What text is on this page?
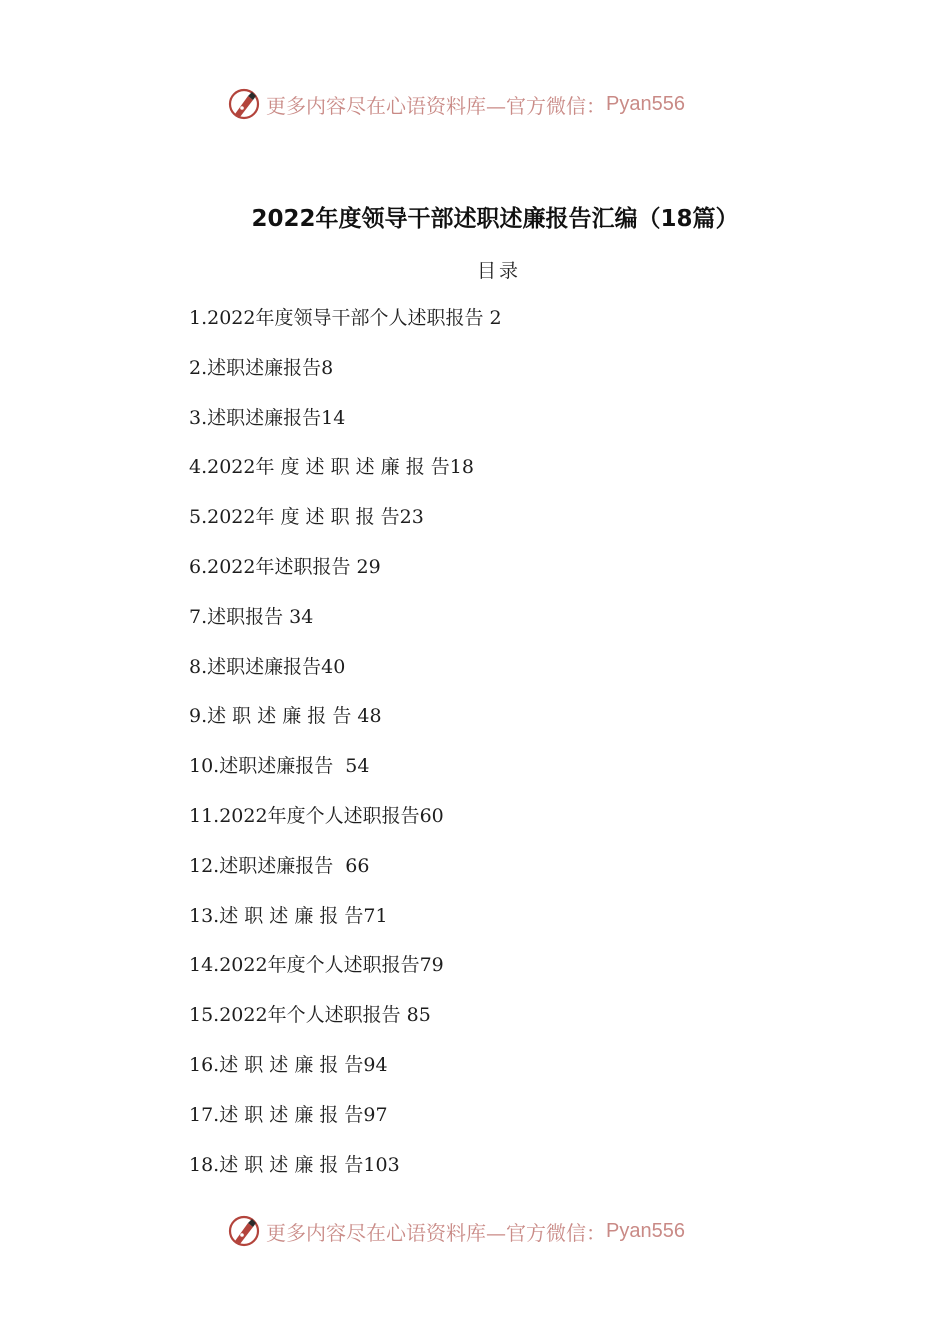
更多内容尽在心语资料库—官方微信： Pyan556
2022年度领导干部述职述廉报告汇编（18篇）
目录
1.2022年度领导干部个人述职报告 2
2.述职述廉报告8
3.述职述廉报告14
4.2022年 度 述 职 述 廉 报 告18
5.2022年 度 述 职 报 告23
6.2022年述职报告 29
7.述职报告 34
8.述职述廉报告40
9.述 职 述 廉 报 告 48
10.述职述廉报告  54
11.2022年度个人述职报告60
12.述职述廉报告  66
13.述 职 述 廉 报 告71
14.2022年度个人述职报告79
15.2022年个人述职报告 85
16.述 职 述 廉 报 告94
17.述 职 述 廉 报 告97
18.述 职 述 廉 报 告103
更多内容尽在心语资料库—官方微信： Pyan556
